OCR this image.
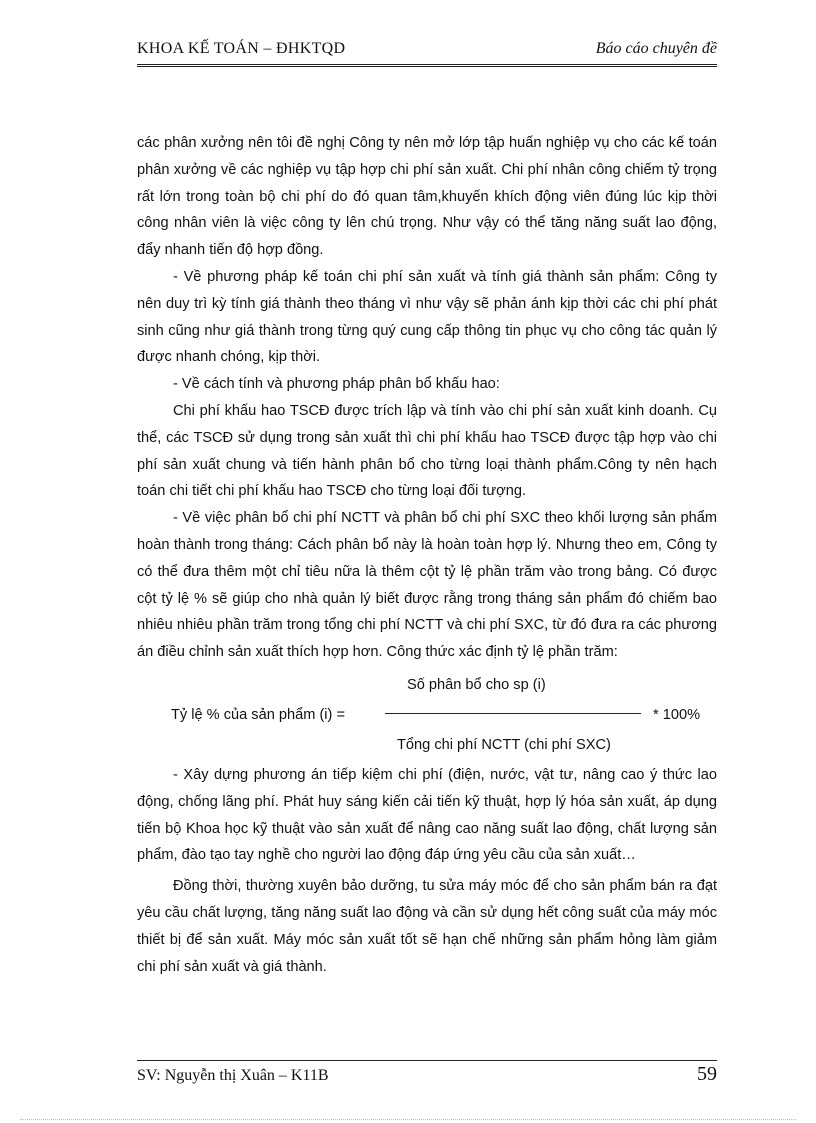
KHOA KẾ TOÁN – ĐHKTQD	Báo cáo chuyên đề

các phân xưởng nên tôi đề nghị Công ty nên mở lớp tập huấn nghiệp vụ cho các kế toán phân xưởng về các nghiệp vụ tập hợp chi phí sản xuất. Chi phí nhân công chiếm tỷ trọng rất lớn trong toàn bộ chi phí do đó quan tâm,khuyến khích động viên đúng lúc kịp thời công nhân viên là việc công ty lên chú trọng. Như vậy có thể tăng năng suất lao động, đẩy nhanh tiến độ hợp đồng.

- Về phương pháp kế toán chi phí sản xuất và tính giá thành sản phẩm: Công ty nên duy trì kỳ tính giá thành theo tháng vì như vậy sẽ phản ánh kịp thời các chi phí phát sinh cũng như giá thành trong từng quý cung cấp thông tin phục vụ cho công tác quản lý được nhanh chóng, kịp thời.

- Về cách tính và phương pháp phân bổ khấu hao:

Chi phí khấu hao TSCĐ được trích lập và tính vào chi phí sản xuất kinh doanh. Cụ thể, các TSCĐ sử dụng trong sản xuất thì chi phí khấu hao TSCĐ được tập hợp vào chi phí sản xuất chung và tiến hành phân bổ cho từng loại thành phẩm.Công ty nên hạch toán chi tiết chi phí khấu hao TSCĐ cho từng loại đối tượng.

- Về việc phân bổ chi phí NCTT và phân bổ chi phí SXC theo khối lượng sản phẩm hoàn thành trong tháng: Cách phân bổ này là hoàn toàn hợp lý. Nhưng theo em, Công ty có thể đưa thêm một chỉ tiêu nữa là thêm cột tỷ lệ phần trăm vào trong bảng. Có được cột tỷ lệ % sẽ giúp cho nhà quản lý biết được rằng trong tháng sản phẩm đó chiếm bao nhiêu nhiêu phần trăm trong tổng chi phí NCTT và chi phí SXC, từ đó đưa ra các phương án điều chỉnh sản xuất thích hợp hơn. Công thức xác định tỷ lệ phần trăm:

Số phân bổ cho sp (i)
Tỷ lệ % của sản phẩm (i) =	* 100%
Tổng chi phí NCTT (chi phí SXC)

- Xây dựng phương án tiếp kiệm chi phí (điện, nước, vật tư, nâng cao ý thức lao động, chống lãng phí. Phát huy sáng kiến cải tiến kỹ thuật, hợp lý hóa sản xuất, áp dụng tiến bộ Khoa học kỹ thuật vào sản xuất để nâng cao năng suất lao động, chất lượng sản phẩm, đào tạo tay nghề cho người lao động đáp ứng yêu cầu của sản xuất…

Đồng thời, thường xuyên bảo dưỡng, tu sửa máy móc để cho sản phẩm bán ra đạt yêu cầu chất lượng, tăng năng suất lao động và cần sử dụng hết công suất của máy móc thiết bị để sản xuất. Máy móc sản xuất tốt sẽ hạn chế những sản phẩm hỏng làm giảm chi phí sản xuất và giá thành.

SV: Nguyễn thị Xuân – K11B	59
